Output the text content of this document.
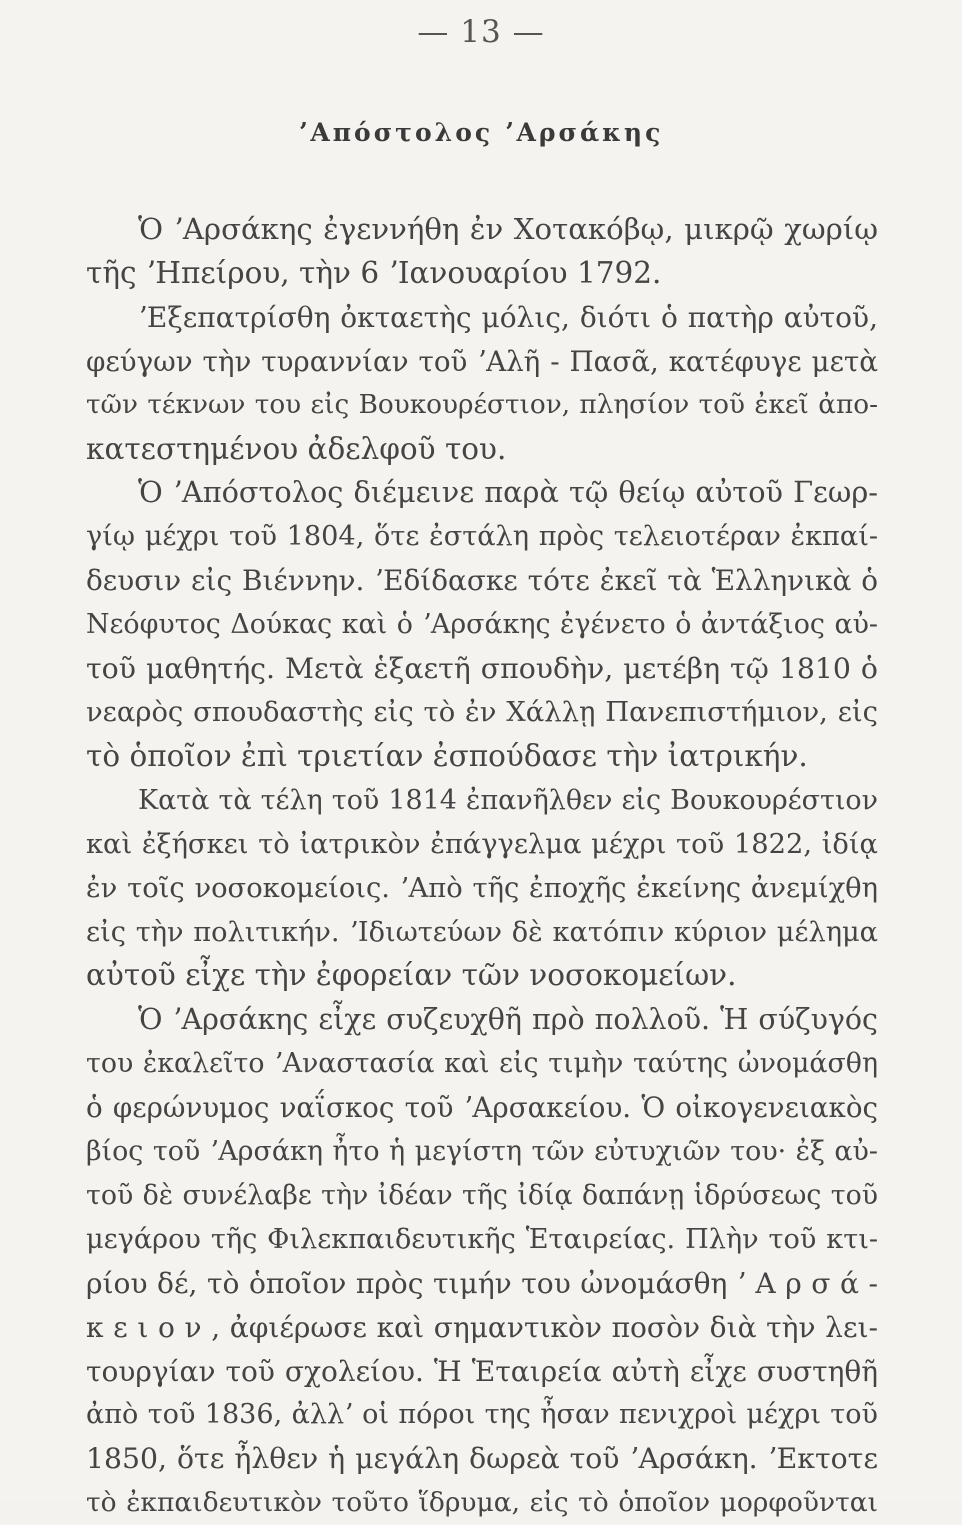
— 13 —
ʼΑπόστολος ʼΑρσάκης
Ὁ ʼΑρσάκης ἐγεννήθη ἐν Χοτακόβῳ, μικρῷ χωρίῳ
τῆς ʼΗπείρου, τὴν 6 ʼΙανουαρίου 1792.
ʼΕξεπατρίσθη ὀκταετὴς μόλις, διότι ὁ πατὴρ αὐτοῦ,
φεύγων τὴν τυραννίαν τοῦ ʼΑλῆ - Πασᾶ, κατέφυγε μετὰ
τῶν τέκνων του εἰς Βουκουρέστιον, πλησίον τοῦ ἐκεῖ ἀπο-
κατεστημένου ἀδελφοῦ του.
Ὁ ʼΑπόστολος διέμεινε παρὰ τῷ θείῳ αὐτοῦ Γεωρ-
γίῳ μέχρι τοῦ 1804, ὅτε ἐστάλη πρὸς τελειοτέραν ἐκπαί-
δευσιν εἰς Βιέννην. ʼΕδίδασκε τότε ἐκεῖ τὰ Ἑλληνικὰ ὁ
Νεόφυτος Δούκας καὶ ὁ ʼΑρσάκης ἐγένετο ὁ ἀντάξιος αὐ-
τοῦ μαθητής. Μετὰ ἑξαετῆ σπουδὴν, μετέβη τῷ 1810 ὁ
νεαρὸς σπουδαστὴς εἰς τὸ ἐν Χάλλῃ Πανεπιστήμιον, εἰς
τὸ ὁποῖον ἐπὶ τριετίαν ἐσπούδασε τὴν ἰατρικήν.
Κατὰ τὰ τέλη τοῦ 1814 ἐπανῆλθεν εἰς Βουκουρέστιον
καὶ ἐξήσκει τὸ ἰατρικὸν ἐπάγγελμα μέχρι τοῦ 1822, ἰδίᾳ
ἐν τοῖς νοσοκομείοις. ʼΑπὸ τῆς ἐποχῆς ἐκείνης ἀνεμίχθη
εἰς τὴν πολιτικήν. ʼΙδιωτεύων δὲ κατόπιν κύριον μέλημα
αὐτοῦ εἶχε τὴν ἐφορείαν τῶν νοσοκομείων.
Ὁ ʼΑρσάκης εἶχε συζευχθῆ πρὸ πολλοῦ. Ἡ σύζυγός
του ἐκαλεῖτο ʼΑναστασία καὶ εἰς τιμὴν ταύτης ὠνομάσθη
ὁ φερώνυμος ναΐσκος τοῦ ʼΑρσακείου. Ὁ οἰκογενειακὸς
βίος τοῦ ʼΑρσάκη ἦτο ἡ μεγίστη τῶν εὐτυχιῶν του· ἐξ αὐ-
τοῦ δὲ συνέλαβε τὴν ἰδέαν τῆς ἰδίᾳ δαπάνῃ ἱδρύσεως τοῦ
μεγάρου τῆς Φιλεκπαιδευτικῆς Ἑταιρείας. Πλὴν τοῦ κτι-
ρίου δέ, τὸ ὁποῖον πρὸς τιμήν του ὠνομάσθη ʼ Α ρ σ ά -
κ ε ι ο ν , ἀφιέρωσε καὶ σημαντικὸν ποσὸν διὰ τὴν λει-
τουργίαν τοῦ σχολείου. Ἡ Ἑταιρεία αὐτὴ εἶχε συστηθῆ
ἀπὸ τοῦ 1836, ἀλλʼ οἱ πόροι της ἦσαν πενιχροὶ μέχρι τοῦ
1850, ὅτε ἦλθεν ἡ μεγάλη δωρεὰ τοῦ ʼΑρσάκη. ʼΕκτοτε
τὸ ἐκπαιδευτικὸν τοῦτο ἵδρυμα, εἰς τὸ ὁποῖον μορφοῦνται
